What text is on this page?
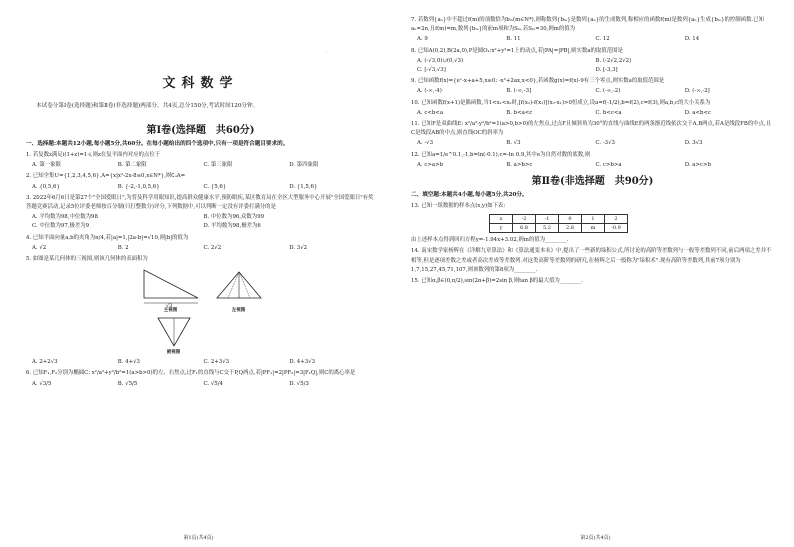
·
文科数学
本试卷分第Ⅰ卷(选择题)和第Ⅱ卷(非选择题)两部分。共4页,总分150分,考试时间120分钟。
第Ⅰ卷(选择题　共60分)
一、选择题:本题共12小题,每小题5分,共60分。在每小题给出的四个选项中,只有一项是符合题目要求的。
1. 若复数z满足i(1+z)=1-i,则z在复平面内对应的点位于
A. 第一象限	B. 第二象限	C. 第三象限	D. 第四象限
2. 已知全集U={1,2,3,4,5,6},A={x|x²-2x-8≤0,x∈N*},则∁ᵤA=
A. {0,5,6}	B. {-2,-1,0,5,6}	C. {5,6}	D. {1,5,6}
3. 2022年6月6日是第27个"全国爱眼日",为普及科学用眼知识,提高群众健康水平,预防眼疾,某区教育局在全区大型服务中心开展"全国爱眼日"有奖答题竞赛活动,记录5位评委老师按百分制(只打整数分)评分,下列数据中,可以判断一定没有评委打满分的是
A. 平均数为98,中位数为98	B. 中位数为96,众数为99
C. 中位数为97,极差为9	D. 平均数为98,极差为6
4. 已知平面向量a,b的夹角为π/4,若|a|=1,|2a-b|=√10,则|b|的值为
A. √2	B. 2	C. 2√2	D. 3√2
5. 如图是某几何体的三视图,则该几何体的表面积为
√3
主视图	左视图
俯视图
A. 2+2√3	B. 4+√3	C. 2+3√3	D. 4+3√3
6. 已知F₁,F₂分别为椭圆C: x²/a²+y²/b²=1(a>b>0)的左、右焦点,过F₁的直线与C交于P,Q两点,若|PF₁|=2|PF₂|=3|F₁Q|,则C的离心率是
A. √3/5	B. √5/5	C. √5/4	D. √5/3
第1页(共4页)
7. 若数列{aₙ}中不超过f(m)的项数恰为bₘ(m∈N*),则称数列{bₘ}是数列{aₙ}的生成数列,称相应的函数f(m)是数列{aₙ}生成{bₘ}的控制函数.已知aₙ=2n,且f(m)=m,数列{bₘ}的前m项和为Sₘ,若Sₘ=30,则m的值为
A. 9	B. 11	C. 12	D. 14
8. 已知A(0,2),B(2a,0),P是圆O₁:x²+y²=1上的动点,若|PA|=|PB|,则实数a的取值范围是
A. (-√3,0)∪(0,√3)	B. (-2√2,2√2)
C. [-√3,√3]	D. [-3,3]
9. 已知函数f(x)={eˣ-x+a+5,x≥0; -x²+2ax,x<0},若函数g(x)=f(x)-9有三个零点,则实数a的取值范围是
A. (-∞,-4)	B. (-∞,-3]	C. (-∞,-2)	D. (-∞,-2]
10. 已知函数f(x+1)是偶函数,当1<x₁<x₂时,[f(x₂)-f(x₁)](x₂-x₁)>0恒成立,设a=f(-1/2),b=f(2),c=f(3),则a,b,c的大小关系为
A. c<b<a	B. b<a<c	C. b<c<a	D. a<b<c
11. 已知F是双曲线E: x²/a²-y²/b²=1(a>0,b>0)的左焦点,过点F且倾斜角为30°的直线与曲线E的两条渐近线依次交于A,B两点,若A是线段FB的中点,且C是线段AB的中点,则直线OC的斜率为
A. -√3	B. √3	C. -3√3	D. 3√3
12. 已知a=1/e^0.1,-1,b=ln(-0.1),c=-ln 0.9,其中e为自然对数的底数,则
A. c>a>b	B. a>b>c	C. c>b>a	D. a>c>b
第Ⅱ卷(非选择题　共90分)
二、填空题:本题共4小题,每小题5分,共20分。
13. 已知一组数据的样本点(x,y)如下表:
x	-2	-1	0	1	2
y	6.8	5.2	2.8	m	-0.9
由上述样本点得到回归方程y=-1.94x+3.02,则m的值为________.
14. 南宋数学家杨辉在《详解九章算法》和《算法通变本末》中,提出了一些新的垛积公式,所讨论的高阶等差数列与一般等差数列不同,前后两项之差并不相等,但是逐项差数之差或者高次差成等差数列.对这类高阶等差数列的研究,在杨辉之后一般称为"垛积术".现有高阶等差数列,其前7项分别为1,7,15,27,45,71,107,则该数列的第8项为________.
15. 已知α,β∈(0,π/2),sin(2α+β)=2sin β,则tan β的最大值为________.
第2页(共4页)
